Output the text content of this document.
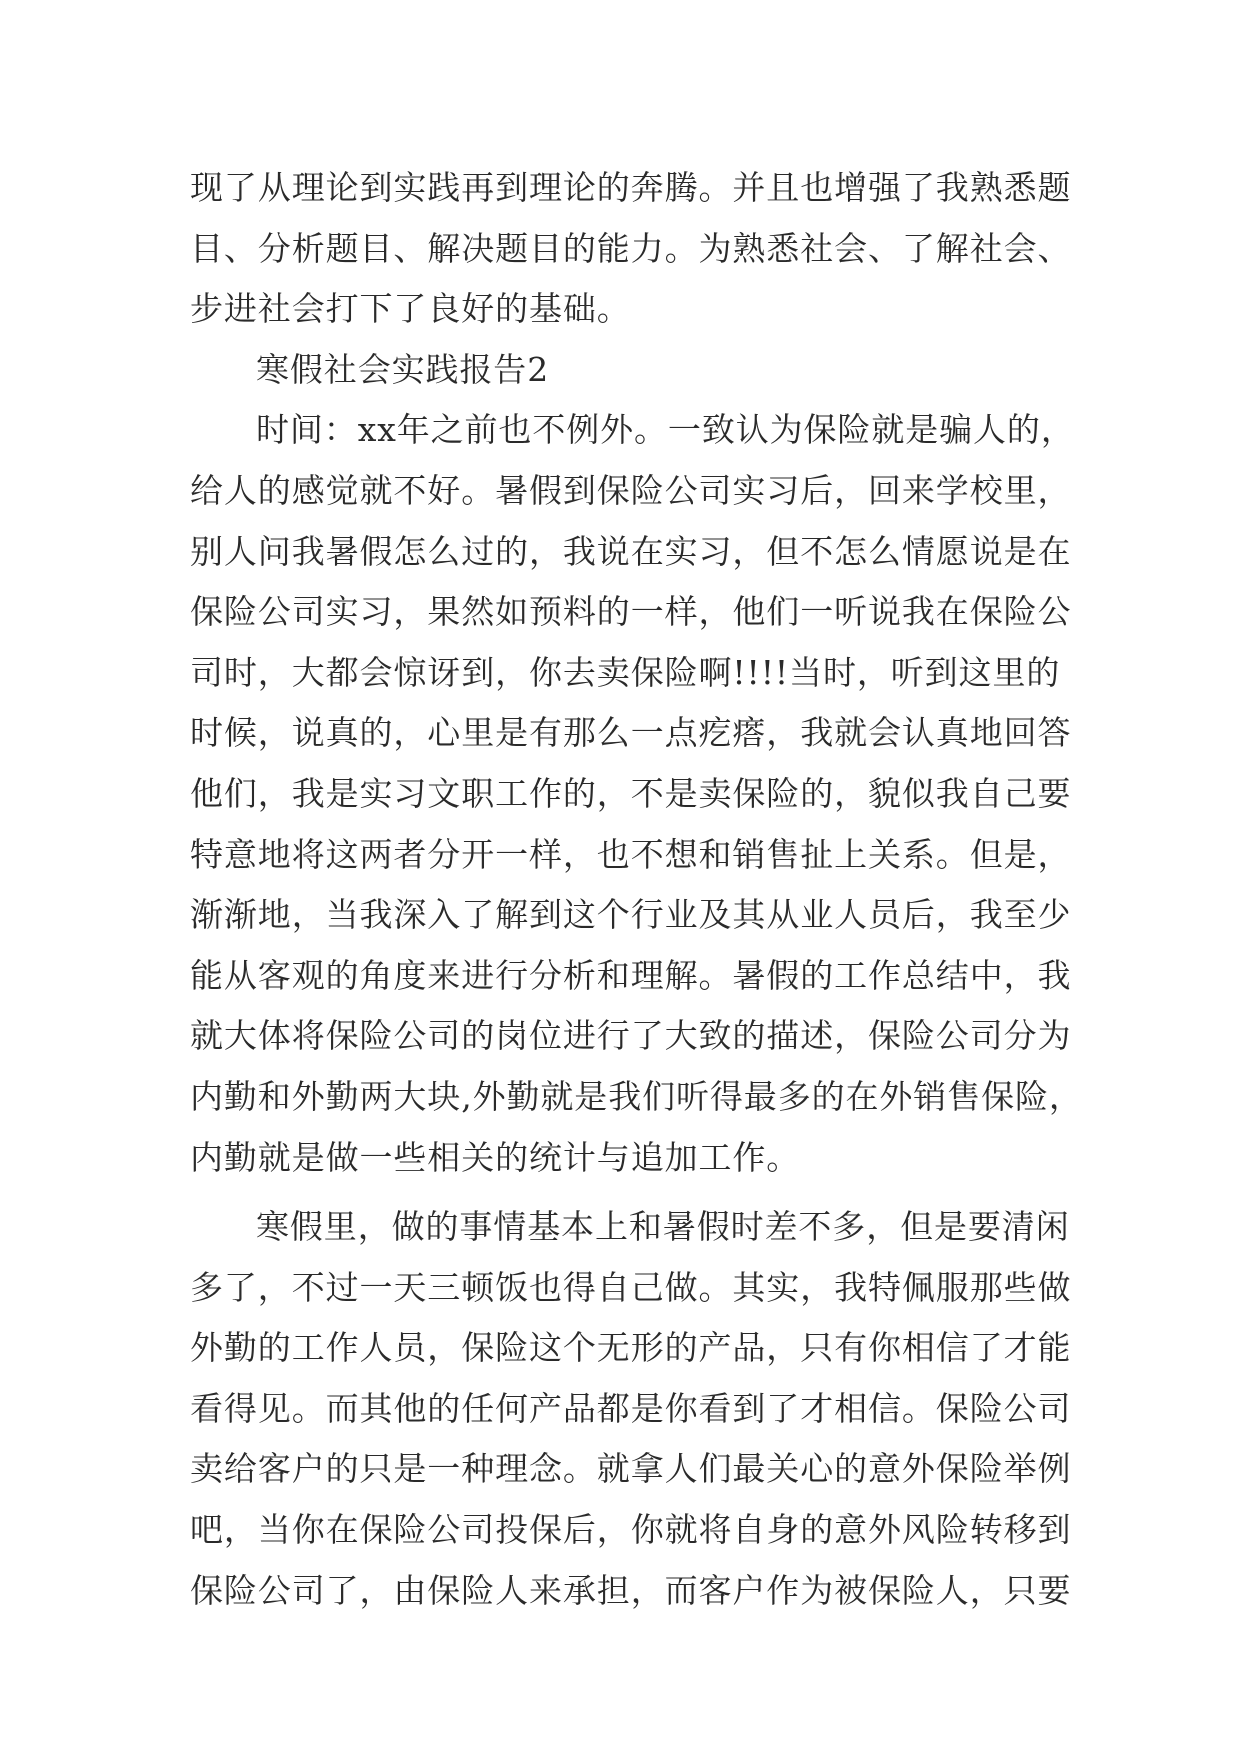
现了从理论到实践再到理论的奔腾。并且也增强了我熟悉题
目、分析题目、解决题目的能力。为熟悉社会、了解社会、
步进社会打下了良好的基础。
寒假社会实践报告2
时间：xx年之前也不例外。一致认为保险就是骗人的，
给人的感觉就不好。暑假到保险公司实习后，回来学校里，
别人问我暑假怎么过的，我说在实习，但不怎么情愿说是在
保险公司实习，果然如预料的一样，他们一听说我在保险公
司时，大都会惊讶到，你去卖保险啊!!!!当时，听到这里的
时候，说真的，心里是有那么一点疙瘩，我就会认真地回答
他们，我是实习文职工作的，不是卖保险的，貌似我自己要
特意地将这两者分开一样，也不想和销售扯上关系。但是，
渐渐地，当我深入了解到这个行业及其从业人员后，我至少
能从客观的角度来进行分析和理解。暑假的工作总结中，我
就大体将保险公司的岗位进行了大致的描述，保险公司分为
内勤和外勤两大块,外勤就是我们听得最多的在外销售保险，
内勤就是做一些相关的统计与追加工作。
寒假里，做的事情基本上和暑假时差不多，但是要清闲
多了，不过一天三顿饭也得自己做。其实，我特佩服那些做
外勤的工作人员，保险这个无形的产品，只有你相信了才能
看得见。而其他的任何产品都是你看到了才相信。保险公司
卖给客户的只是一种理念。就拿人们最关心的意外保险举例
吧，当你在保险公司投保后，你就将自身的意外风险转移到
保险公司了，由保险人来承担，而客户作为被保险人，只要
